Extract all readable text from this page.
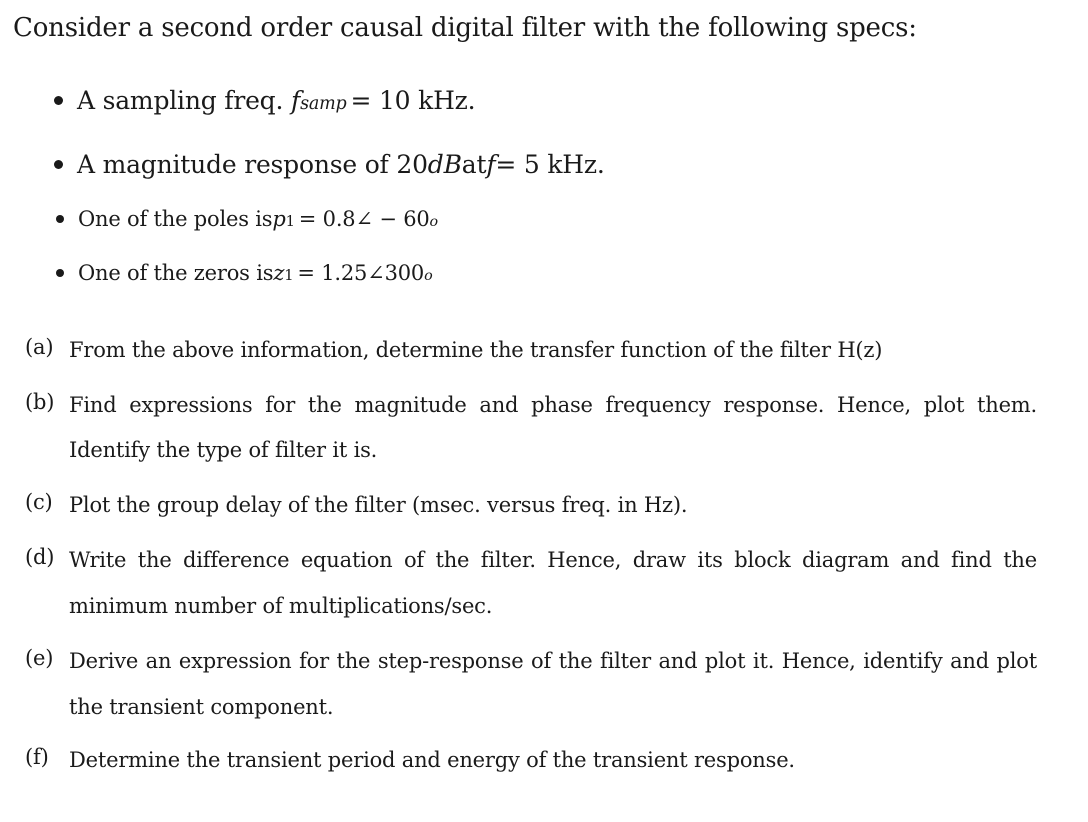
Consider a second order causal digital filter with the following specs:
A sampling freq.
f samp = 10 kHz.
A magnitude response of 20 dB at f = 5 kHz.
One of the poles is p 1 = 0.8∠ − 60 o
One of the zeros is z 1 = 1.25∠300 o
(a) From the above information, determine the transfer function of the filter H(z)
(b) Find expressions for the magnitude and phase frequency response. Hence, plot them.
Identify the type of filter it is.
(c) Plot the group delay of the filter (msec. versus freq. in Hz).
(d) Write the difference equation of the filter. Hence, draw its block diagram and find the
minimum number of multiplications/sec.
(e) Derive an expression for the step-response of the filter and plot it. Hence, identify and plot
the transient component.
(f) Determine the transient period and energy of the transient response.
